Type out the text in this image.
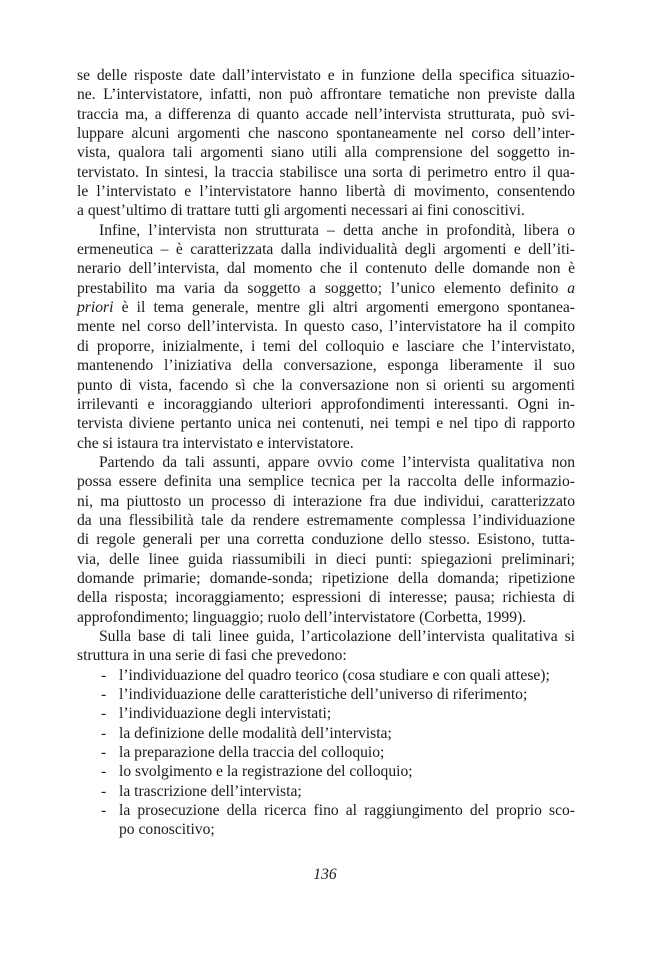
se delle risposte date dall’intervistato e in funzione della specifica situazio-
ne. L’intervistatore, infatti, non può affrontare tematiche non previste dalla
traccia ma, a differenza di quanto accade nell’intervista strutturata, può svi-
luppare alcuni argomenti che nascono spontaneamente nel corso dell’inter-
vista, qualora tali argomenti siano utili alla comprensione del soggetto in-
tervistato. In sintesi, la traccia stabilisce una sorta di perimetro entro il qua-
le l’intervistato e l’intervistatore hanno libertà di movimento, consentendo
a quest’ultimo di trattare tutti gli argomenti necessari ai fini conoscitivi.

Infine, l’intervista non strutturata – detta anche in profondità, libera o
ermeneutica – è caratterizzata dalla individualità degli argomenti e dell’iti-
nerario dell’intervista, dal momento che il contenuto delle domande non è
prestabilito ma varia da soggetto a soggetto; l’unico elemento definito a
priori è il tema generale, mentre gli altri argomenti emergono spontanea-
mente nel corso dell’intervista. In questo caso, l’intervistatore ha il compito
di proporre, inizialmente, i temi del colloquio e lasciare che l’intervistato,
mantenendo l’iniziativa della conversazione, esponga liberamente il suo
punto di vista, facendo sì che la conversazione non si orienti su argomenti
irrilevanti e incoraggiando ulteriori approfondimenti interessanti. Ogni in-
tervista diviene pertanto unica nei contenuti, nei tempi e nel tipo di rapporto
che si istaura tra intervistato e intervistatore.

Partendo da tali assunti, appare ovvio come l’intervista qualitativa non
possa essere definita una semplice tecnica per la raccolta delle informazio-
ni, ma piuttosto un processo di interazione fra due individui, caratterizzato
da una flessibilità tale da rendere estremamente complessa l’individuazione
di regole generali per una corretta conduzione dello stesso. Esistono, tutta-
via, delle linee guida riassumibili in dieci punti: spiegazioni preliminari;
domande primarie; domande-sonda; ripetizione della domanda; ripetizione
della risposta; incoraggiamento; espressioni di interesse; pausa; richiesta di
approfondimento; linguaggio; ruolo dell’intervistatore (Corbetta, 1999).

Sulla base di tali linee guida, l’articolazione dell’intervista qualitativa si
struttura in una serie di fasi che prevedono:

- l’individuazione del quadro teorico (cosa studiare e con quali attese);
- l’individuazione delle caratteristiche dell’universo di riferimento;
- l’individuazione degli intervistati;
- la definizione delle modalità dell’intervista;
- la preparazione della traccia del colloquio;
- lo svolgimento e la registrazione del colloquio;
- la trascrizione dell’intervista;
- la prosecuzione della ricerca fino al raggiungimento del proprio sco-
po conoscitivo;
136
